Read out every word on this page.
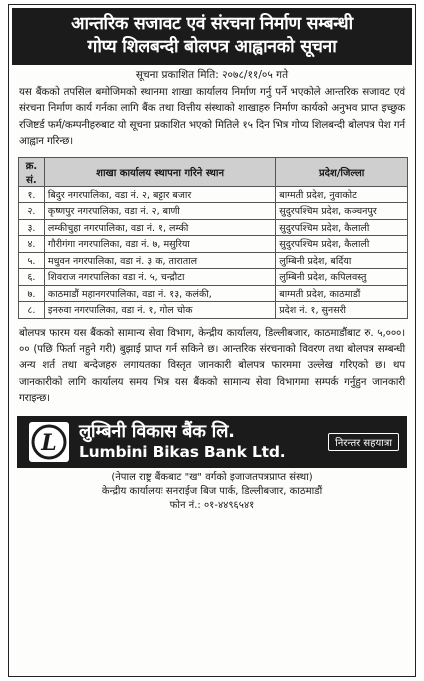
आन्तरिक सजावट एवं संरचना निर्माण सम्बन्धी
गोप्य शिलबन्दी बोलपत्र आह्वानको सूचना
सूचना प्रकाशित मिति: २०७८/११/०५ गते

यस बैंकको तपसिल बमोजिमको स्थानमा शाखा कार्यालय निर्माण गर्नु पर्ने भएकोले आन्तरिक सजावट एवं संरचना निर्माण कार्य गर्नका लागि बैंक तथा वित्तीय संस्थाको शाखाहरु निर्माण कार्यको अनुभव प्राप्त इच्छुक रजिष्टर्ड फर्म/कम्पनीहरुबाट यो सूचना प्रकाशित भएको मितिले १५ दिन भित्र गोप्य शिलबन्दी बोलपत्र पेश गर्न आह्वान गरिन्छ।

क्र.
सं.	शाखा कार्यालय स्थापना गरिने स्थान	प्रदेश/जिल्ला
१.	बिदुर नगरपालिका, वडा नं. २, बट्टार बजार	बाग्मती प्रदेश, नुवाकोट
२.	कृष्णपुर नगरपालिका, वडा नं. २, बाणी	सुदुरपश्चिम प्रदेश, कञ्चनपुर
३.	लम्कीचुहा नगरपालिका, वडा नं. १, लम्की	सुदुरपश्चिम प्रदेश, कैलाली
४.	गौरीगंगा नगरपालिका, वडा नं. ७, मसुरिया	सुदुरपश्चिम प्रदेश, कैलाली
५.	मधुवन नगरपालिका, वडा नं. ३ क, ताराताल	लुम्बिनी प्रदेश, बर्दिया
६.	शिवराज नगरपालिका वडा नं. ५, चन्द्रौटा	लुम्बिनी प्रदेश, कपिलवस्तु
७.	काठमाडौं महानगरपालिका, वडा नं. १३, कलंकी,	बाग्मती प्रदेश, काठमाडौं
८.	इनरुवा नगरपालिका, वडा नं. १, गोल चोक	प्रदेश नं. १, सुनसरी

बोलपत्र फारम यस बैंकको सामान्य सेवा विभाग, केन्द्रीय कार्यालय, डिल्लीबजार, काठमाडौंबाट रु. ५,०००।०० (पछि फिर्ता नहुने गरी) बुझाई प्राप्त गर्न सकिने छ। आन्तरिक संरचनाको विवरण तथा बोलपत्र सम्बन्धी अन्य शर्त तथा बन्देजहरु लगायतका विस्तृत जानकारी बोलपत्र फारममा उल्लेख गरिएको छ। थप जानकारीको लागि कार्यालय समय भित्र यस बैंकको सामान्य सेवा विभागमा सम्पर्क गर्नुहुन जानकारी गराइन्छ।

L लुम्बिनी विकास बैंक लि.
Lumbini Bikas Bank Ltd.	निरन्तर सहयात्रा
(नेपाल राष्ट्र बैंकबाट "ख" वर्गको इजाजतपत्रप्राप्त संस्था)
केन्द्रीय कार्यालयः सनराईज बिज पार्क, डिल्लीबजार, काठमाडौं
फोन नं.: ०१-४४९६५४१
